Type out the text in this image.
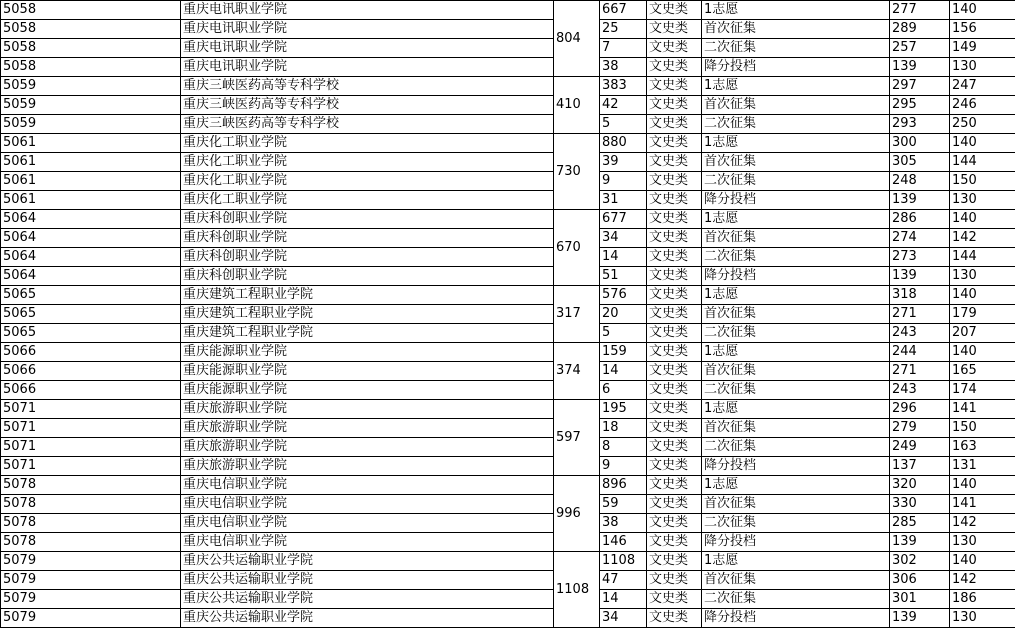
5058	重庆电讯职业学院	804	667	文史类	1志愿	277	140
5058	重庆电讯职业学院		25	文史类	首次征集	289	156
5058	重庆电讯职业学院		7	文史类	二次征集	257	149
5058	重庆电讯职业学院		38	文史类	降分投档	139	130
5059	重庆三峡医药高等专科学校	410	383	文史类	1志愿	297	247
5059	重庆三峡医药高等专科学校		42	文史类	首次征集	295	246
5059	重庆三峡医药高等专科学校		5	文史类	二次征集	293	250
5061	重庆化工职业学院	730	880	文史类	1志愿	300	140
5061	重庆化工职业学院		39	文史类	首次征集	305	144
5061	重庆化工职业学院		9	文史类	二次征集	248	150
5061	重庆化工职业学院		31	文史类	降分投档	139	130
5064	重庆科创职业学院	670	677	文史类	1志愿	286	140
5064	重庆科创职业学院		34	文史类	首次征集	274	142
5064	重庆科创职业学院		14	文史类	二次征集	273	144
5064	重庆科创职业学院		51	文史类	降分投档	139	130
5065	重庆建筑工程职业学院	317	576	文史类	1志愿	318	140
5065	重庆建筑工程职业学院		20	文史类	首次征集	271	179
5065	重庆建筑工程职业学院		5	文史类	二次征集	243	207
5066	重庆能源职业学院	374	159	文史类	1志愿	244	140
5066	重庆能源职业学院		14	文史类	首次征集	271	165
5066	重庆能源职业学院		6	文史类	二次征集	243	174
5071	重庆旅游职业学院	597	195	文史类	1志愿	296	141
5071	重庆旅游职业学院		18	文史类	首次征集	279	150
5071	重庆旅游职业学院		8	文史类	二次征集	249	163
5071	重庆旅游职业学院		9	文史类	降分投档	137	131
5078	重庆电信职业学院	996	896	文史类	1志愿	320	140
5078	重庆电信职业学院		59	文史类	首次征集	330	141
5078	重庆电信职业学院		38	文史类	二次征集	285	142
5078	重庆电信职业学院		146	文史类	降分投档	139	130
5079	重庆公共运输职业学院	1108	1108	文史类	1志愿	302	140
5079	重庆公共运输职业学院		47	文史类	首次征集	306	142
5079	重庆公共运输职业学院		14	文史类	二次征集	301	186
5079	重庆公共运输职业学院		34	文史类	降分投档	139	130
